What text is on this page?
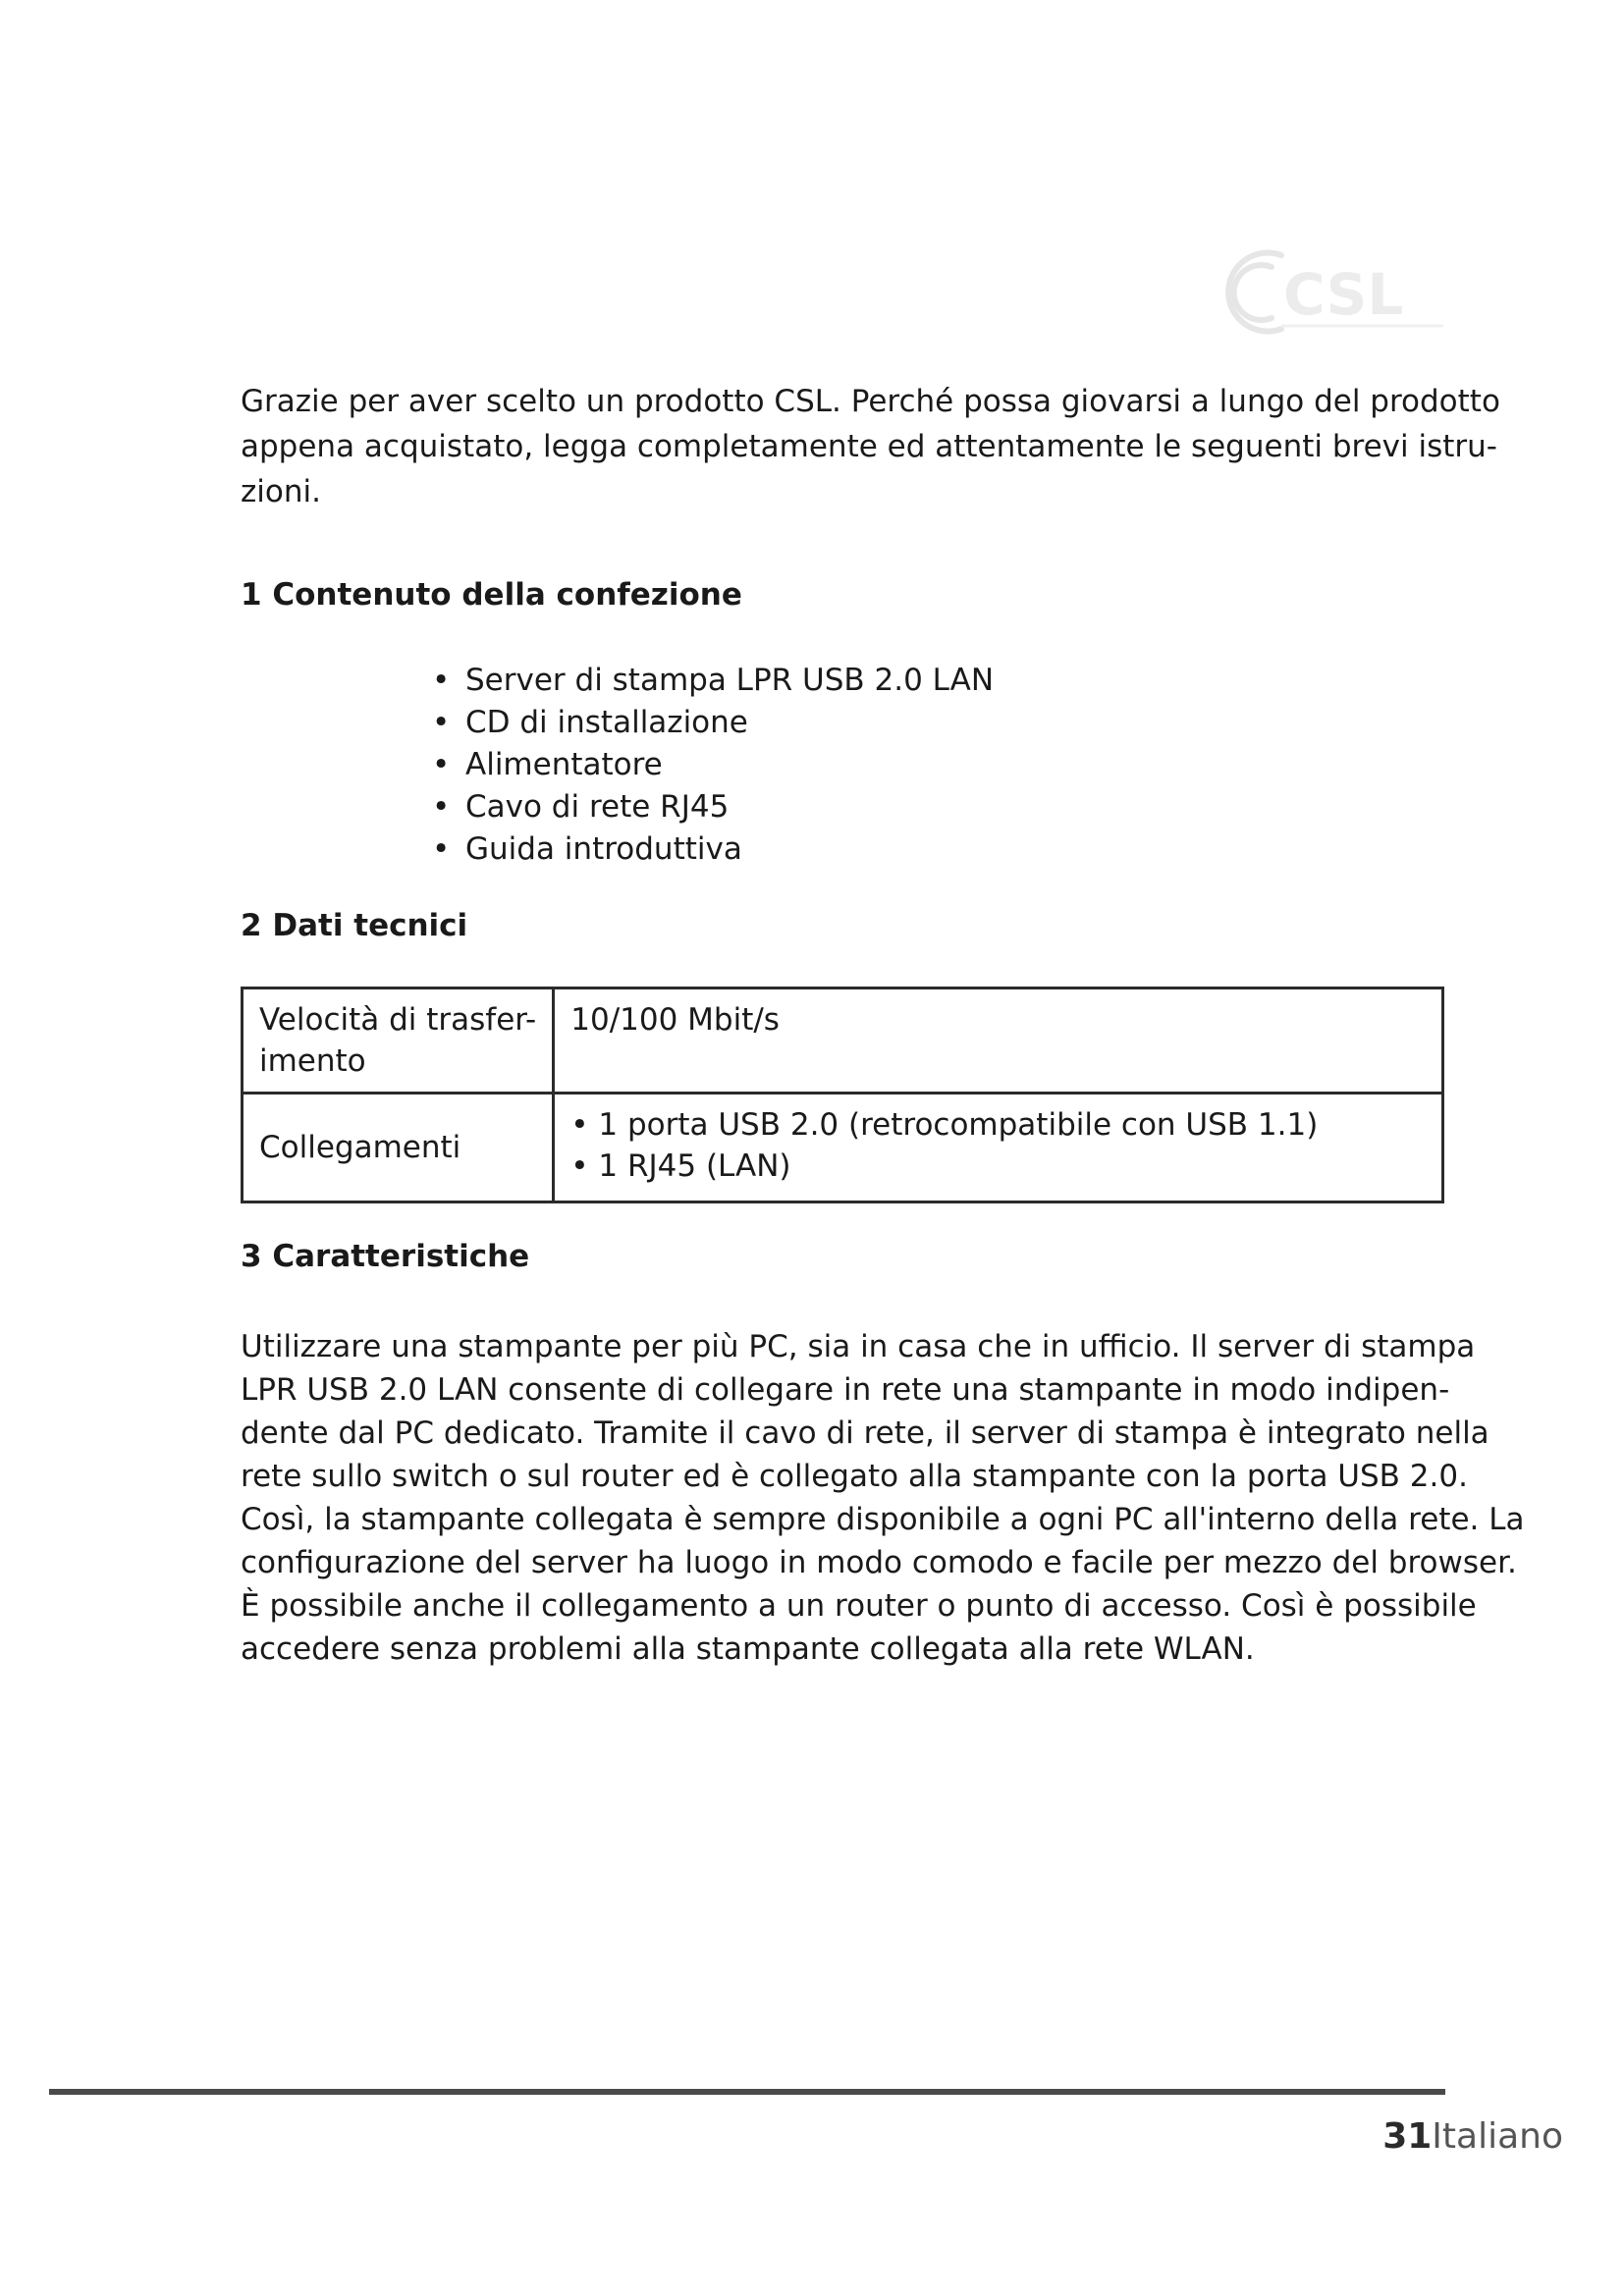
CSL

Grazie per aver scelto un prodotto CSL. Perché possa giovarsi a lungo del prodotto
appena acquistato, legga completamente ed attentamente le seguenti brevi istru-
zioni.

1 Contenuto della confezione
• Server di stampa LPR USB 2.0 LAN
• CD di installazione
• Alimentatore
• Cavo di rete RJ45
• Guida introduttiva
2 Dati tecnici
Velocità di trasfer-
imento	10/100 Mbit/s

Collegamenti	• 1 porta USB 2.0 (retrocompatibile con USB 1.1)
• 1 RJ45 (LAN)
3 Caratteristiche

Utilizzare una stampante per più PC, sia in casa che in ufficio. Il server di stampa
LPR USB 2.0 LAN consente di collegare in rete una stampante in modo indipen-
dente dal PC dedicato. Tramite il cavo di rete, il server di stampa è integrato nella
rete sullo switch o sul router ed è collegato alla stampante con la porta USB 2.0.
Così, la stampante collegata è sempre disponibile a ogni PC all'interno della rete. La
configurazione del server ha luogo in modo comodo e facile per mezzo del browser.
È possibile anche il collegamento a un router o punto di accesso. Così è possibile
accedere senza problemi alla stampante collegata alla rete WLAN.

31Italiano
